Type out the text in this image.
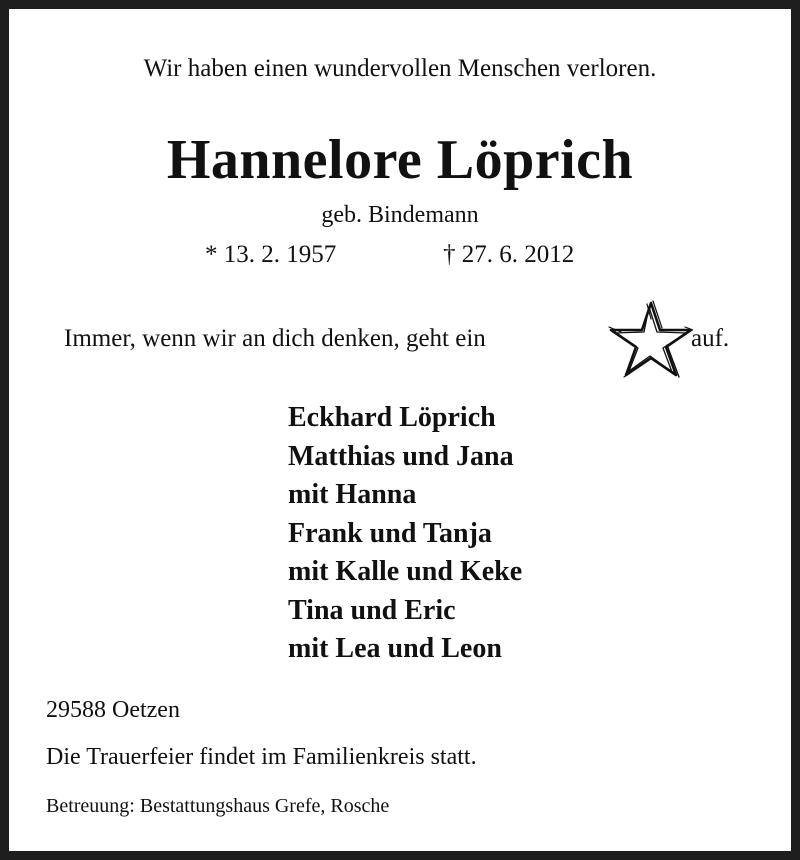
Wir haben einen wundervollen Menschen verloren.
Hannelore Löprich
geb. Bindemann
* 13. 2. 1957	† 27. 6. 2012
Immer, wenn wir an dich denken, geht ein	auf.
Eckhard Löprich
Matthias und Jana
mit Hanna
Frank und Tanja
mit Kalle und Keke
Tina und Eric
mit Lea und Leon
29588 Oetzen
Die Trauerfeier findet im Familienkreis statt.
Betreuung: Bestattungshaus Grefe, Rosche
